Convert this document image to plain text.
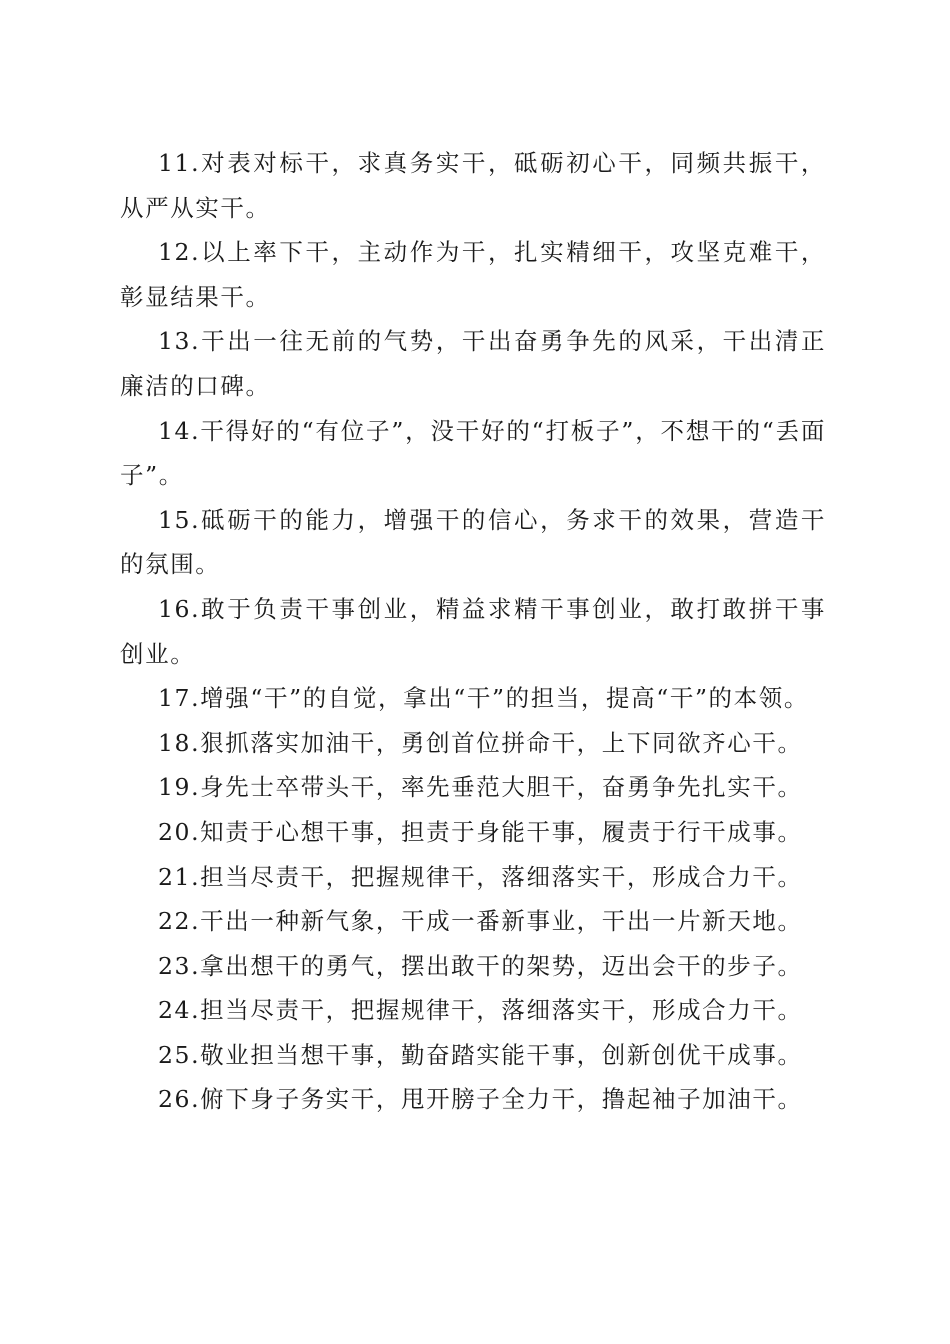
11.对表对标干，求真务实干，砥砺初心干，同频共振干，从严从实干。

12.以上率下干，主动作为干，扎实精细干，攻坚克难干，彰显结果干。

13.干出一往无前的气势，干出奋勇争先的风采，干出清正廉洁的口碑。

14.干得好的“有位子”，没干好的“打板子”，不想干的“丢面子”。

15.砥砺干的能力，增强干的信心，务求干的效果，营造干的氛围。

16.敢于负责干事创业，精益求精干事创业，敢打敢拼干事创业。

17.增强“干”的自觉，拿出“干”的担当，提高“干”的本领。

18.狠抓落实加油干，勇创首位拼命干，上下同欲齐心干。

19.身先士卒带头干，率先垂范大胆干，奋勇争先扎实干。

20.知责于心想干事，担责于身能干事，履责于行干成事。

21.担当尽责干，把握规律干，落细落实干，形成合力干。

22.干出一种新气象，干成一番新事业，干出一片新天地。

23.拿出想干的勇气，摆出敢干的架势，迈出会干的步子。

24.担当尽责干，把握规律干，落细落实干，形成合力干。

25.敬业担当想干事，勤奋踏实能干事，创新创优干成事。

26.俯下身子务实干，甩开膀子全力干，撸起袖子加油干。
